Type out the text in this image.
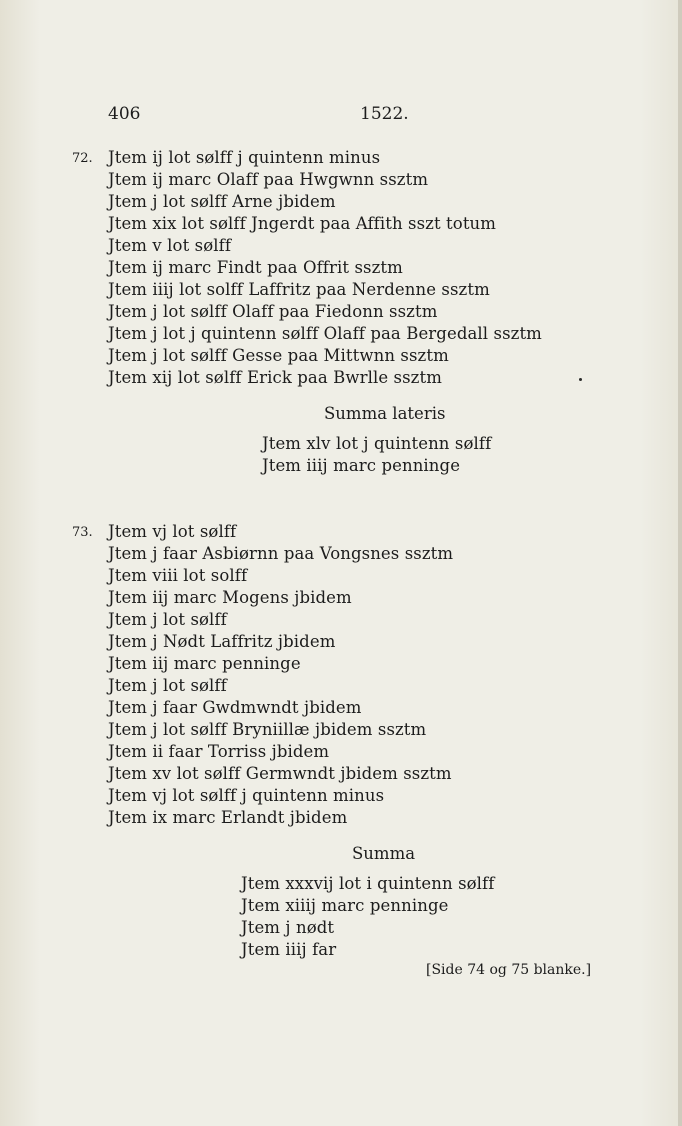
406	1522.
72. Jtem ij lot sølff j quintenn minus
Jtem ij marc Olaff paa Hwgwnn ssztm
Jtem j lot sølff Arne jbidem
Jtem xix lot sølff Jngerdt paa Affith sszt totum
Jtem v lot sølff
Jtem ij marc Findt paa Offrit ssztm
Jtem iiij lot solff Laffritz paa Nerdenne ssztm
Jtem j lot sølff Olaff paa Fiedonn ssztm
Jtem j lot j quintenn sølff Olaff paa Bergedall ssztm
Jtem j lot sølff Gesse paa Mittwnn ssztm
Jtem xij lot sølff Erick paa Bwrlle ssztm
Summa lateris
Jtem xlv lot j quintenn sølff
Jtem iiij marc penninge
73. Jtem vj lot sølff
Jtem j faar Asbiørnn paa Vongsnes ssztm
Jtem viii lot solff
Jtem iij marc Mogens jbidem
Jtem j lot sølff
Jtem j Nødt Laffritz jbidem
Jtem iij marc penninge
Jtem j lot sølff
Jtem j faar Gwdmwndt jbidem
Jtem j lot sølff Bryniillæ jbidem ssztm
Jtem ii faar Torriss jbidem
Jtem xv lot sølff Germwndt jbidem ssztm
Jtem vj lot sølff j quintenn minus
Jtem ix marc Erlandt jbidem
Summa
Jtem xxxvij lot i quintenn sølff
Jtem xiiij marc penninge
Jtem j nødt
Jtem iiij far
[Side 74 og 75 blanke.]
